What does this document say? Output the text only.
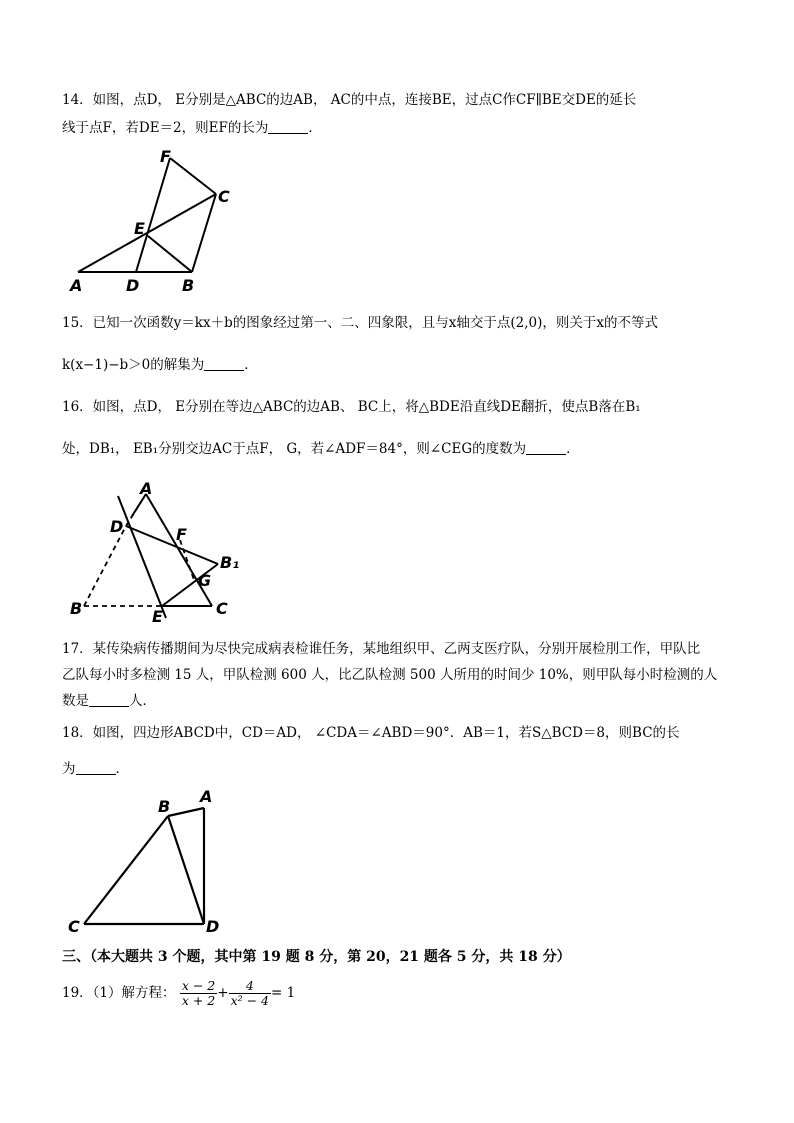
14．如图，点D， E分别是△ABC的边AB， AC的中点，连接BE，过点C作CF∥BE交DE的延长
线于点F，若DE＝2，则EF的长为	．
F
C
E
A	D	B
15．已知一次函数y＝kx＋b的图象经过第一、二、四象限，且与x轴交于点(2,0)，则关于x的不等式
k(x−1)−b＞0的解集为	．
16．如图，点D， E分别在等边△ABC的边AB、 BC上，将△BDE沿直线DE翻折，使点B落在B₁
处，DB₁， EB₁分别交边AC于点F， G，若∠ADF＝84°，则∠CEG的度数为	．
A
D	F
B₁
G
B	E	C
17．某传染病传播期间为尽快完成病表检谁任务，某地组织甲、乙两支医疗队，分别开展检刖工作，甲队比
乙队每小时多检测 15 人，甲队检测 600 人，比乙队检测 500 人所用的时间少 10%，则甲队每小时检测的人
数是	人．
18．如图，四边形ABCD中，CD＝AD， ∠CDA＝∠ABD＝90°．AB＝1，若S△BCD＝8，则BC的长
为	．
B
A
C	D
三、（本大题共 3 个题，其中第 19 题 8 分，第 20，21 题各 5 分，共 18 分）
19．（1）解方程： $\frac{x - 2}{x + 2} + \frac{4}{\text{x² − 4}} = 1$
